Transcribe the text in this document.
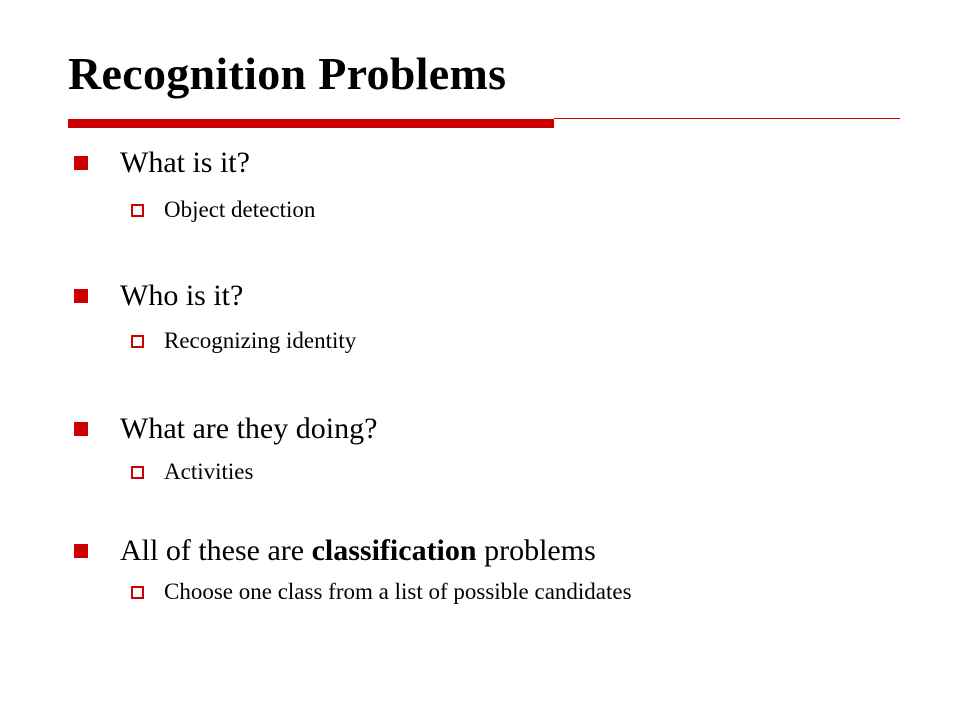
Recognition Problems
What is it?
Object detection
Who is it?
Recognizing identity
What are they doing?
Activities
All of these are classification problems
Choose one class from a list of possible candidates
